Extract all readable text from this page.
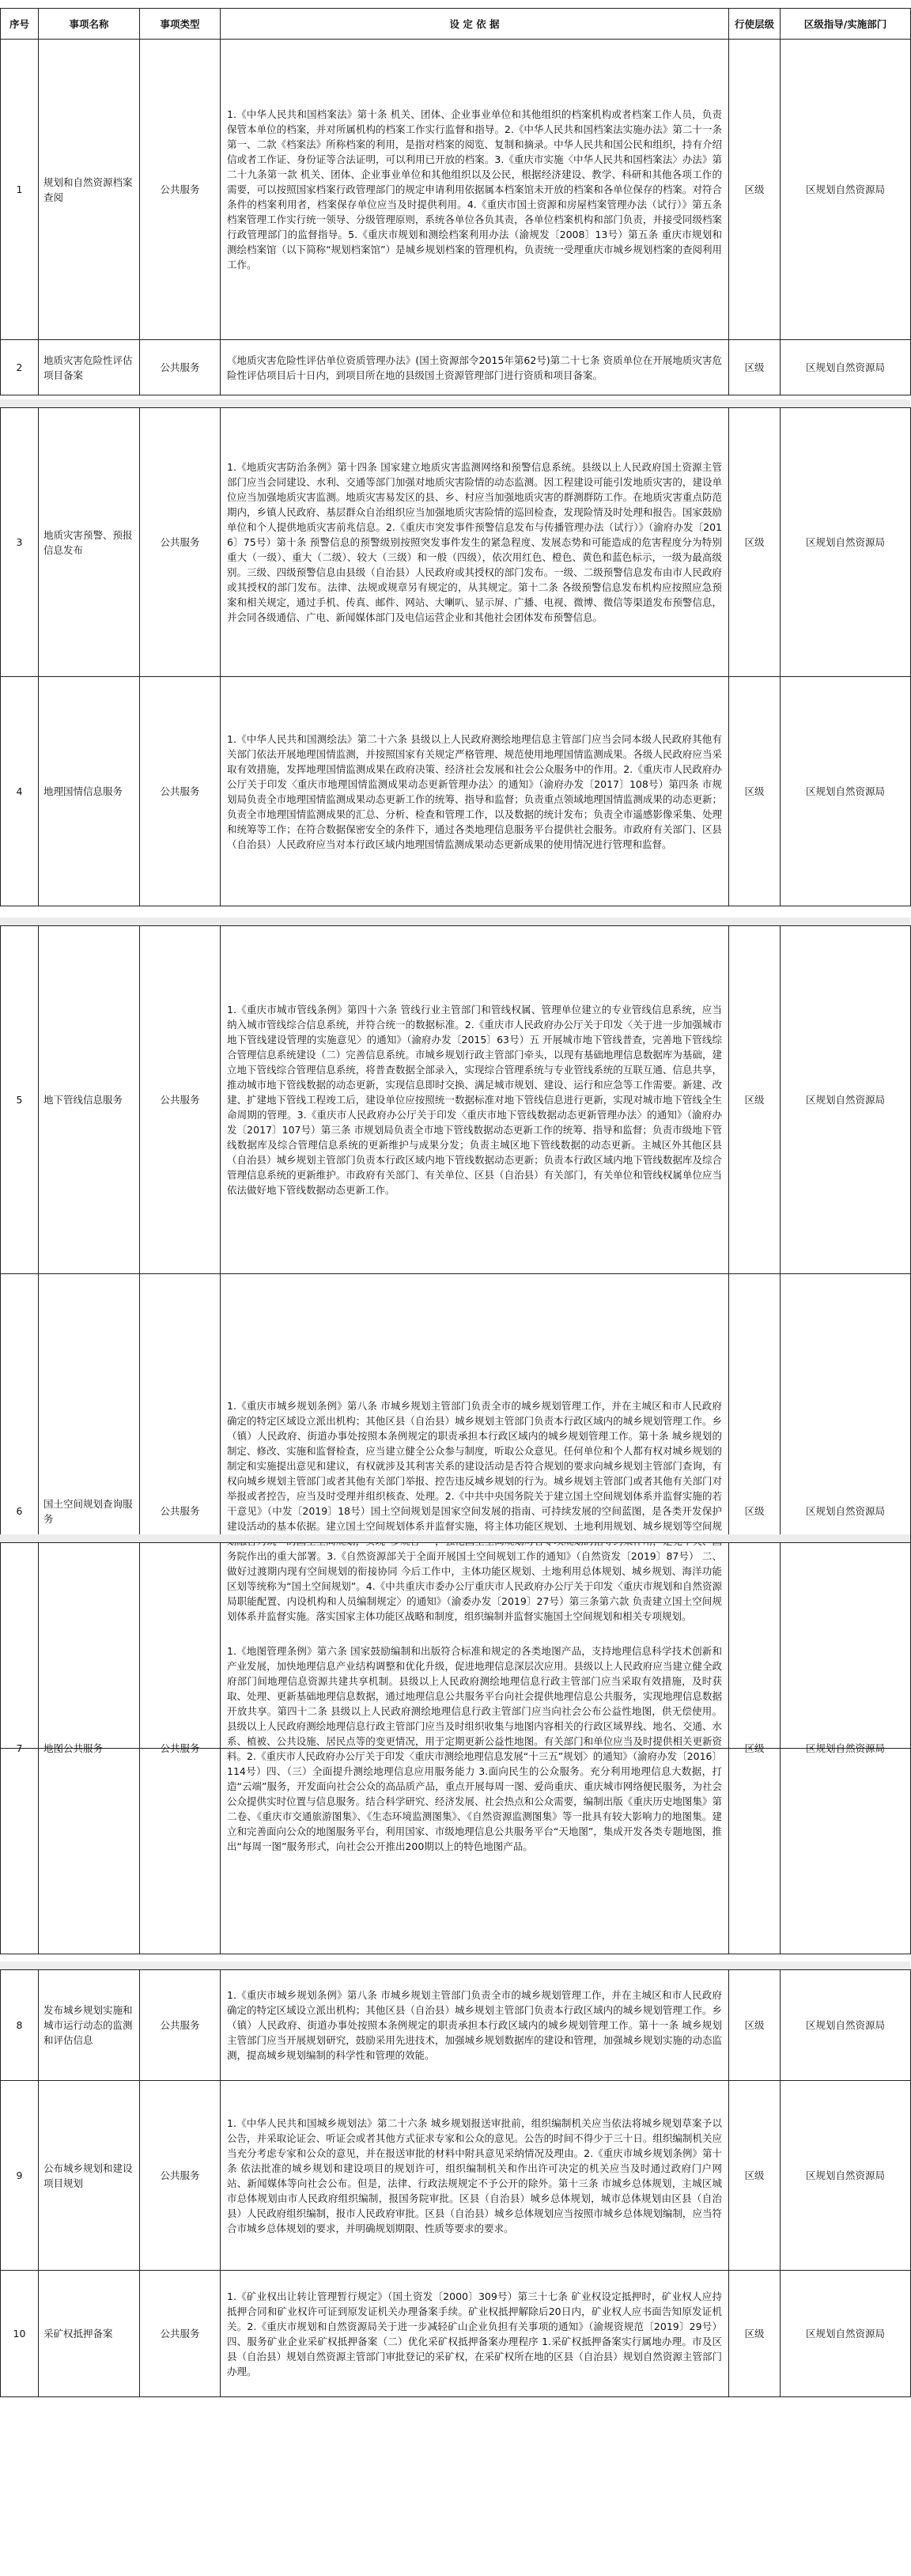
序号	事项名称	事项类型	设 定 依 据	行使层级	区级指导/实施部门
1	规划和自然资源档案查阅	公共服务	1.《中华人民共和国档案法》第十条 机关、团体、企业事业单位和其他组织的档案机构或者档案工作人员，负责保管本单位的档案，并对所属机构的档案工作实行监督和指导。2.《中华人民共和国档案法实施办法》第二十一条第一、二款《档案法》所称档案的利用，是指对档案的阅览、复制和摘录。中华人民共和国公民和组织，持有介绍信或者工作证、身份证等合法证明，可以利用已开放的档案。3.《重庆市实施〈中华人民共和国档案法〉办法》第二十九条第一款 机关、团体、企业事业单位和其他组织以及公民，根据经济建设、教学、科研和其他各项工作的需要，可以按照国家档案行政管理部门的规定申请利用依据属本档案馆未开放的档案和各单位保存的档案。对符合条件的档案利用者，档案保存单位应当及时提供利用。4.《重庆市国土资源和房屋档案管理办法（试行）》第五条 档案管理工作实行统一领导、分级管理原则，系统各单位各负其责，各单位档案机构和部门负责，并接受同级档案行政管理部门的监督指导。5.《重庆市规划和测绘档案利用办法（渝规发〔2008〕13号）第五条 重庆市规划和测绘档案馆（以下简称“规划档案馆”）是城乡规划档案的管理机构，负责统一受理重庆市城乡规划档案的查阅利用工作。	区级	区规划自然资源局
2	地质灾害危险性评估项目备案	公共服务	《地质灾害危险性评估单位资质管理办法》(国土资源部令2015年第62号)第二十七条 资质单位在开展地质灾害危险性评估项目后十日内，到项目所在地的县级国土资源管理部门进行资质和项目备案。	区级	区规划自然资源局
3	地质灾害预警、预报信息发布	公共服务	1.《地质灾害防治条例》第十四条 国家建立地质灾害监测网络和预警信息系统。县级以上人民政府国土资源主管部门应当会同建设、水利、交通等部门加强对地质灾害险情的动态监测。因工程建设可能引发地质灾害的，建设单位应当加强地质灾害监测。地质灾害易发区的县、乡、村应当加强地质灾害的群测群防工作。在地质灾害重点防范期内，乡镇人民政府、基层群众自治组织应当加强地质灾害险情的巡回检查，发现险情及时处理和报告。国家鼓励单位和个人提供地质灾害前兆信息。2.《重庆市突发事件预警信息发布与传播管理办法（试行）》（渝府办发〔2016〕75号）第十条 预警信息的预警级别按照突发事件发生的紧急程度、发展态势和可能造成的危害程度分为特别重大（一级）、重大（二级）、较大（三级）和一般（四级），依次用红色、橙色、黄色和蓝色标示，一级为最高级别。三级、四级预警信息由县级（自治县）人民政府或其授权的部门发布。一级、二级预警信息发布由市人民政府或其授权的部门发布。法律、法规或规章另有规定的，从其规定。第十二条 各级预警信息发布机构应按照应急预案和相关规定，通过手机、传真、邮件、网站、大喇叭、显示屏、广播、电视、微博、微信等渠道发布预警信息，并会同各级通信、广电、新闻媒体部门及电信运营企业和其他社会团体发布预警信息。	区级	区规划自然资源局
4	地理国情信息服务	公共服务	1.《中华人民共和国测绘法》第二十六条 县级以上人民政府测绘地理信息主管部门应当会同本级人民政府其他有关部门依法开展地理国情监测，并按照国家有关规定严格管理、规范使用地理国情监测成果。各级人民政府应当采取有效措施，发挥地理国情监测成果在政府决策、经济社会发展和社会公众服务中的作用。2.《重庆市人民政府办公厅关于印发〈重庆市地理国情监测成果动态更新管理办法〉的通知》（渝府办发〔2017〕108号）第四条 市规划局负责全市地理国情监测成果动态更新工作的统筹、指导和监督；负责重点领域地理国情监测成果的动态更新；负责全市地理国情监测成果的汇总、分析、检查和管理工作，以及数据的统计发布；负责全市遥感影像采集、处理和统筹等工作；在符合数据保密安全的条件下，通过各类地理信息服务平台提供社会服务。市政府有关部门、区县（自治县）人民政府应当对本行政区域内地理国情监测成果动态更新成果的使用情况进行管理和监督。	区级	区规划自然资源局
5	地下管线信息服务	公共服务	1.《重庆市城市管线条例》第四十六条 管线行业主管部门和管线权属、管理单位建立的专业管线信息系统，应当纳入城市管线综合信息系统，并符合统一的数据标准。2.《重庆市人民政府办公厅关于印发〈关于进一步加强城市地下管线建设管理的实施意见〉的通知》（渝府办发〔2015〕63号）五 开展城市地下管线普查，完善地下管线综合管理信息系统建设（二）完善信息系统。市城乡规划行政主管部门牵头，以现有基础地理信息数据库为基础，建立地下管线综合管理信息系统，将普查数据全部录入，实现综合管理系统与专业管线系统的互联互通、信息共享，推动城市地下管线数据的动态更新，实现信息即时交换、满足城市规划、建设、运行和应急等工作需要。新建、改建、扩建地下管线工程竣工后，建设单位应按照统一数据标准对地下管线信息进行更新，实现对城市地下管线全生命周期的管理。3.《重庆市人民政府办公厅关于印发〈重庆市地下管线数据动态更新管理办法〉的通知》（渝府办发〔2017〕107号）第三条 市规划局负责全市地下管线数据动态更新工作的统筹、指导和监督；负责市级地下管线数据库及综合管理信息系统的更新维护与成果分发；负责主城区地下管线数据的动态更新。主城区外其他区县（自治县）城乡规划主管部门负责本行政区域内地下管线数据动态更新；负责本行政区域内地下管线数据库及综合管理信息系统的更新维护。市政府有关部门、有关单位、区县（自治县）有关部门，有关单位和管线权属单位应当依法做好地下管线数据动态更新工作。	区级	区规划自然资源局
6	国土空间规划查询服务	公共服务	1.《重庆市城乡规划条例》第八条 市城乡规划主管部门负责全市的城乡规划管理工作，并在主城区和市人民政府确定的特定区域设立派出机构；其他区县（自治县）城乡规划主管部门负责本行政区域内的城乡规划管理工作。乡（镇）人民政府、街道办事处按照本条例规定的职责承担本行政区域内的城乡规划管理工作。第十条 城乡规划的制定、修改、实施和监督检查，应当建立健全公众参与制度，听取公众意见。任何单位和个人都有权对城乡规划的制定和实施提出意见和建议，有权就涉及其利害关系的建设活动是否符合规划的要求向城乡规划主管部门查询，有权向城乡规划主管部门或者其他有关部门举报、控告违反城乡规划的行为。城乡规划主管部门或者其他有关部门对举报或者控告，应当及时受理并组织核查、处理。2.《中共中央国务院关于建立国土空间规划体系并监督实施的若干意见》（中发〔2019〕18号）国土空间规划是国家空间发展的指南、可持续发展的空间蓝图，是各类开发保护建设活动的基本依据。建立国土空间规划体系并监督实施，将主体功能区规划、土地利用规划、城乡规划等空间规 务院作出的重大部署。3.《自然资源部关于全面开展国土空间规划工作的通知》（自然资发〔2019〕87号） 二、做好过渡期内现有空间规划的衔接协同 今后工作中，主体功能区规划、土地利用总体规划、城乡规划、海洋功能区划等统称为“国土空间规划”。4.《中共重庆市委办公厅重庆市人民政府办公厅关于印发〈重庆市规划和自然资源局职能配置、内设机构和人员编制规定〉的通知》（渝委办发〔2019〕27号）第三条第六款 负责建立国土空间规划体系并监督实施。落实国家主体功能区战略和制度，组织编制并监督实施国土空间规划和相关专项规划。	区级	区规划自然资源局
7	地图公共服务	公共服务	1.《地图管理条例》第六条 国家鼓励编制和出版符合标准和规定的各类地图产品，支持地理信息科学技术创新和产业发展，加快地理信息产业结构调整和优化升级，促进地理信息深层次应用。县级以上人民政府应当建立健全政府部门间地理信息资源共建共享机制。县级以上人民政府测绘地理信息行政主管部门应当采取有效措施，及时获取、处理、更新基础地理信息数据，通过地理信息公共服务平台向社会提供地理信息公共服务，实现地理信息数据开放共享。第四十二条 县级以上人民政府测绘地理信息行政主管部门应当向社会公布公益性地图，供无偿使用。县级以上人民政府测绘地理信息行政主管部门应当及时组织收集与地图内容相关的行政区域界线、地名、交通、水系、植被、公共设施、居民点等的变更情况，用于定期更新公益性地图。有关部门和单位应当及时提供相关更新资料。2.《重庆市人民政府办公厅关于印发〈重庆市测绘地理信息发展“十三五”规划〉的通知》（渝府办发〔2016〕114号）四、（三）全面提升测绘地理信息应用服务能力 3.面向民生的公众服务。充分利用地理信息大数据，打造“云端”服务，开发面向社会公众的高品质产品，重点开展每周一图、爱尚重庆、重庆城市网络便民服务，为社会公众提供实时位置与信息服务。结合科学研究、经济发展、社会热点和公众需要，编制出版《重庆历史地图集》第二卷、《重庆市交通旅游图集》、《生态环境监测图集》、《自然资源监测图集》等一批具有较大影响力的地图集。建立和完善面向公众的地图服务平台，利用国家、市级地理信息公共服务平台“天地图”，集成开发各类专题地图，推出“每周一图”服务形式，向社会公开推出200期以上的特色地图产品。	区级	区规划自然资源局
8	发布城乡规划实施和城市运行动态的监测和评估信息	公共服务	1.《重庆市城乡规划条例》第八条 市城乡规划主管部门负责全市的城乡规划管理工作，并在主城区和市人民政府确定的特定区域设立派出机构；其他区县（自治县）城乡规划主管部门负责本行政区域内的城乡规划管理工作。乡（镇）人民政府、街道办事处按照本条例规定的职责承担本行政区域内的城乡规划管理工作。第十一条 城乡规划主管部门应当开展规划研究，鼓励采用先进技术，加强城乡规划数据库的建设和管理，加强城乡规划实施的动态监测，提高城乡规划编制的科学性和管理的效能。	区级	区规划自然资源局
9	公布城乡规划和建设项目规划	公共服务	1.《中华人民共和国城乡规划法》第二十六条 城乡规划报送审批前，组织编制机关应当依法将城乡规划草案予以公告，并采取论证会、听证会或者其他方式征求专家和公众的意见。公告的时间不得少于三十日。组织编制机关应当充分考虑专家和公众的意见，并在报送审批的材料中附具意见采纳情况及理由。2.《重庆市城乡规划条例》第十条 依法批准的城乡规划和建设项目的规划许可，组织编制机关和作出许可决定的机关应当及时通过政府门户网站、新闻媒体等向社会公布。但是，法律、行政法规规定不予公开的除外。第十三条 市城乡总体规划，主城区城市总体规划由市人民政府组织编制，报国务院审批。区县（自治县）城乡总体规划，城市总体规划由区县（自治县）人民政府组织编制，报市人民政府审批。区县（自治县）城乡总体规划应当按照市城乡总体规划编制，应当符合市城乡总体规划的要求，并明确规划期限、性质等要求的要求。	区级	区规划自然资源局
10	采矿权抵押备案	公共服务	1.《矿业权出让转让管理暂行规定》（国土资发〔2000〕309号）第三十七条 矿业权设定抵押时，矿业权人应持抵押合同和矿业权许可证到原发证机关办理备案手续。矿业权抵押解除后20日内，矿业权人应书面告知原发证机关。2.《重庆市规划和自然资源局关于进一步减轻矿山企业负担有关事项的通知》（渝规资规范〔2019〕29号） 四、服务矿业企业采矿权抵押备案（二）优化采矿权抵押备案办理程序 1.采矿权抵押备案实行属地办理。市及区县（自治县）规划自然资源主管部门审批登记的采矿权，在采矿权所在地的区县（自治县）规划自然资源主管部门办理。	区级	区规划自然资源局
